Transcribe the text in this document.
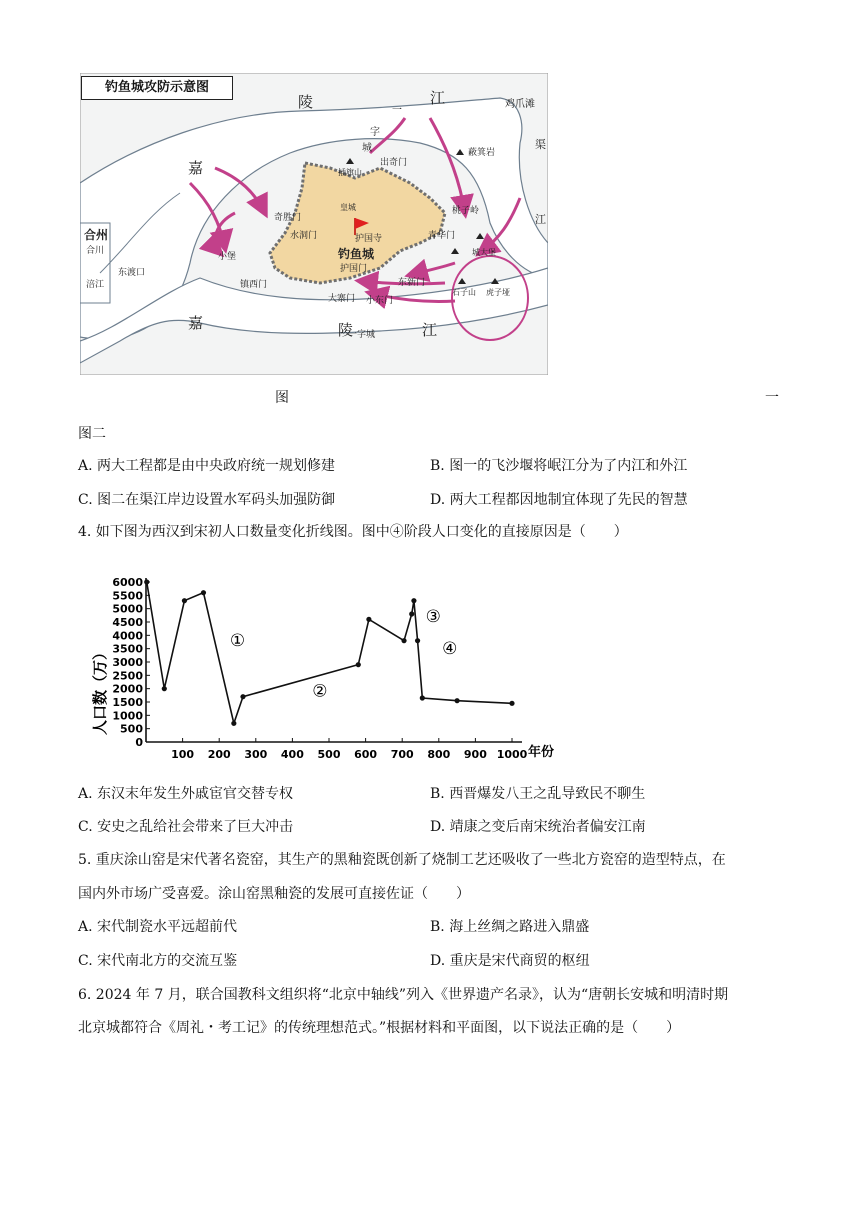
陵	江
嘉
渠
江
鸡爪滩
合州
合川
东渡口
涪江
一
字
城
出奇门
插旗山
蔽箕岩
皇城
奇胜门
水洞门	护国寺
钓鱼城
护国门
桃子岭
青华门
城大堡
小堡
镇西门	东新门
石子山 虎子垭
大寨门 小东门
嘉	陵	江
一字城
钓鱼城攻防示意图
图	一
图二
A. 两大工程都是由中央政府统一规划修建	B. 图一的飞沙堰将岷江分为了内江和外江
C. 图二在渠江岸边设置水军码头加强防御	D. 两大工程都因地制宜体现了先民的智慧
4. 如下图为西汉到宋初人口数量变化折线图。图中④阶段人口变化的直接原因是（　　）
0
500
1000
1500
2000
2500
3000
3500
4000
4500
5000
5500
6000
100 200 300 400 500 600 700 800 900 1000
①
②
③
④
人口数（万）
年份
A. 东汉末年发生外戚宦官交替专权	B. 西晋爆发八王之乱导致民不聊生
C. 安史之乱给社会带来了巨大冲击	D. 靖康之变后南宋统治者偏安江南
5. 重庆涂山窑是宋代著名瓷窑，其生产的黑釉瓷既创新了烧制工艺还吸收了一些北方瓷窑的造型特点，在
国内外市场广受喜爱。涂山窑黑釉瓷的发展可直接佐证（　　）
A. 宋代制瓷水平远超前代	B. 海上丝绸之路进入鼎盛
C. 宋代南北方的交流互鉴	D. 重庆是宋代商贸的枢纽
6. 2024 年 7 月，联合国教科文组织将“北京中轴线”列入《世界遗产名录》，认为“唐朝长安城和明清时期
北京城都符合《周礼・考工记》的传统理想范式。”根据材料和平面图，以下说法正确的是（　　）
